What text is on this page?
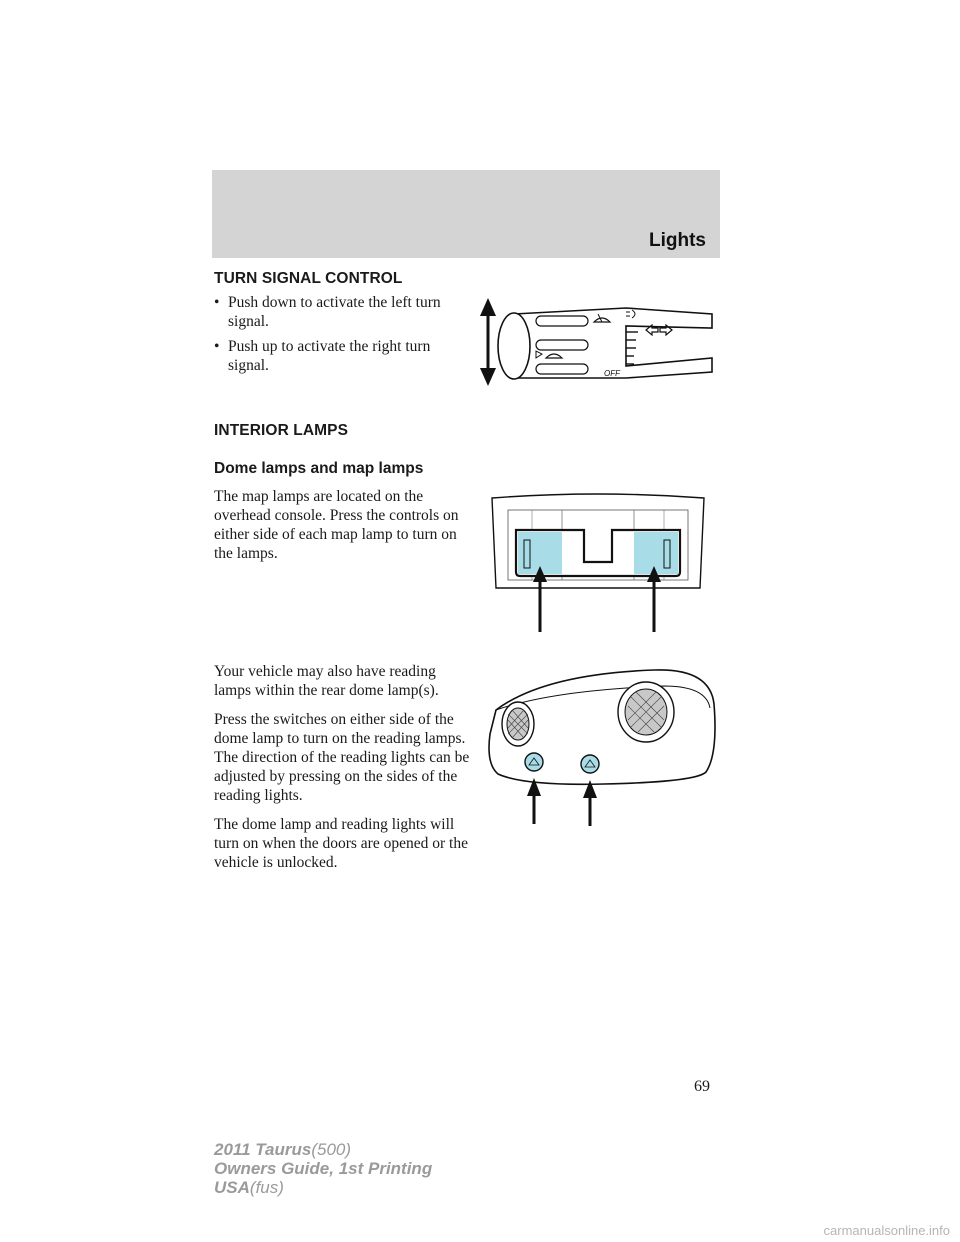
Lights
TURN SIGNAL CONTROL
• Push down to activate the left turn signal.
• Push up to activate the right turn signal.	OFF
INTERIOR LAMPS
Dome lamps and map lamps

The map lamps are located on the overhead console. Press the controls on either side of each map lamp to turn on the lamps.

Your vehicle may also have reading lamps within the rear dome lamp(s).

Press the switches on either side of the dome lamp to turn on the reading lamps. The direction of the reading lights can be adjusted by pressing on the sides of the reading lights.

The dome lamp and reading lights will turn on when the doors are opened or the vehicle is unlocked.

69
2011 Taurus(500)
Owners Guide, 1st Printing
USA(fus)
carmanualsonline.info
